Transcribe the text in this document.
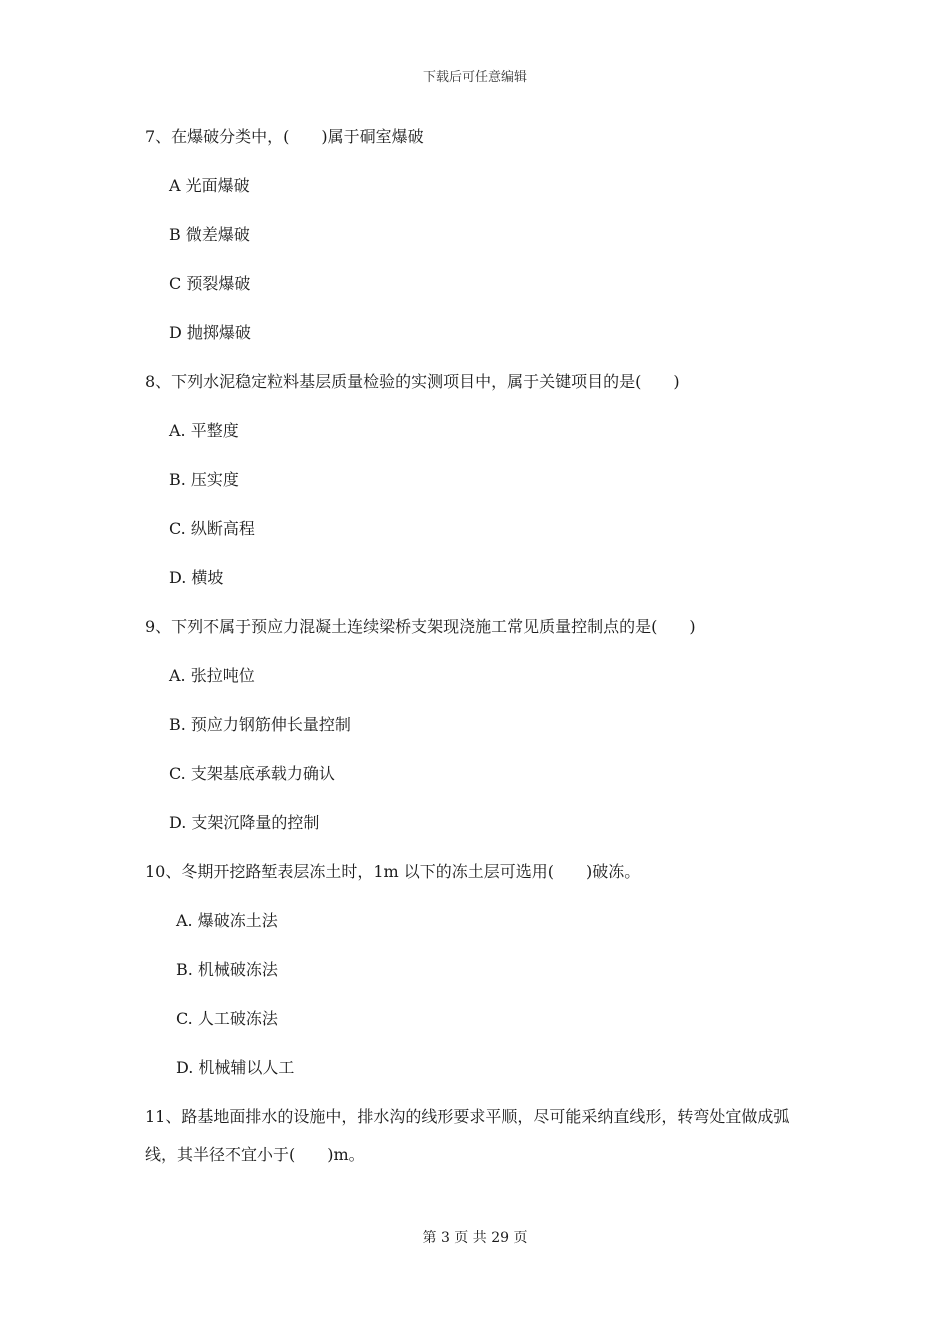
下载后可任意编辑
7、在爆破分类中，(　　)属于硐室爆破
A 光面爆破
B 微差爆破
C 预裂爆破
D 抛掷爆破
8、下列水泥稳定粒料基层质量检验的实测项目中，属于关键项目的是(　　)
A. 平整度
B. 压实度
C. 纵断高程
D. 横坡
9、下列不属于预应力混凝土连续梁桥支架现浇施工常见质量控制点的是(　　)
A. 张拉吨位
B. 预应力钢筋伸长量控制
C. 支架基底承载力确认
D. 支架沉降量的控制
10、冬期开挖路堑表层冻土时，1m 以下的冻土层可选用(　　)破冻。
A. 爆破冻土法
B. 机械破冻法
C. 人工破冻法
D. 机械辅以人工
11、路基地面排水的设施中，排水沟的线形要求平顺，尽可能采纳直线形，转弯处宜做成弧线，其半径不宜小于(　　)m。
第 3 页 共 29 页
